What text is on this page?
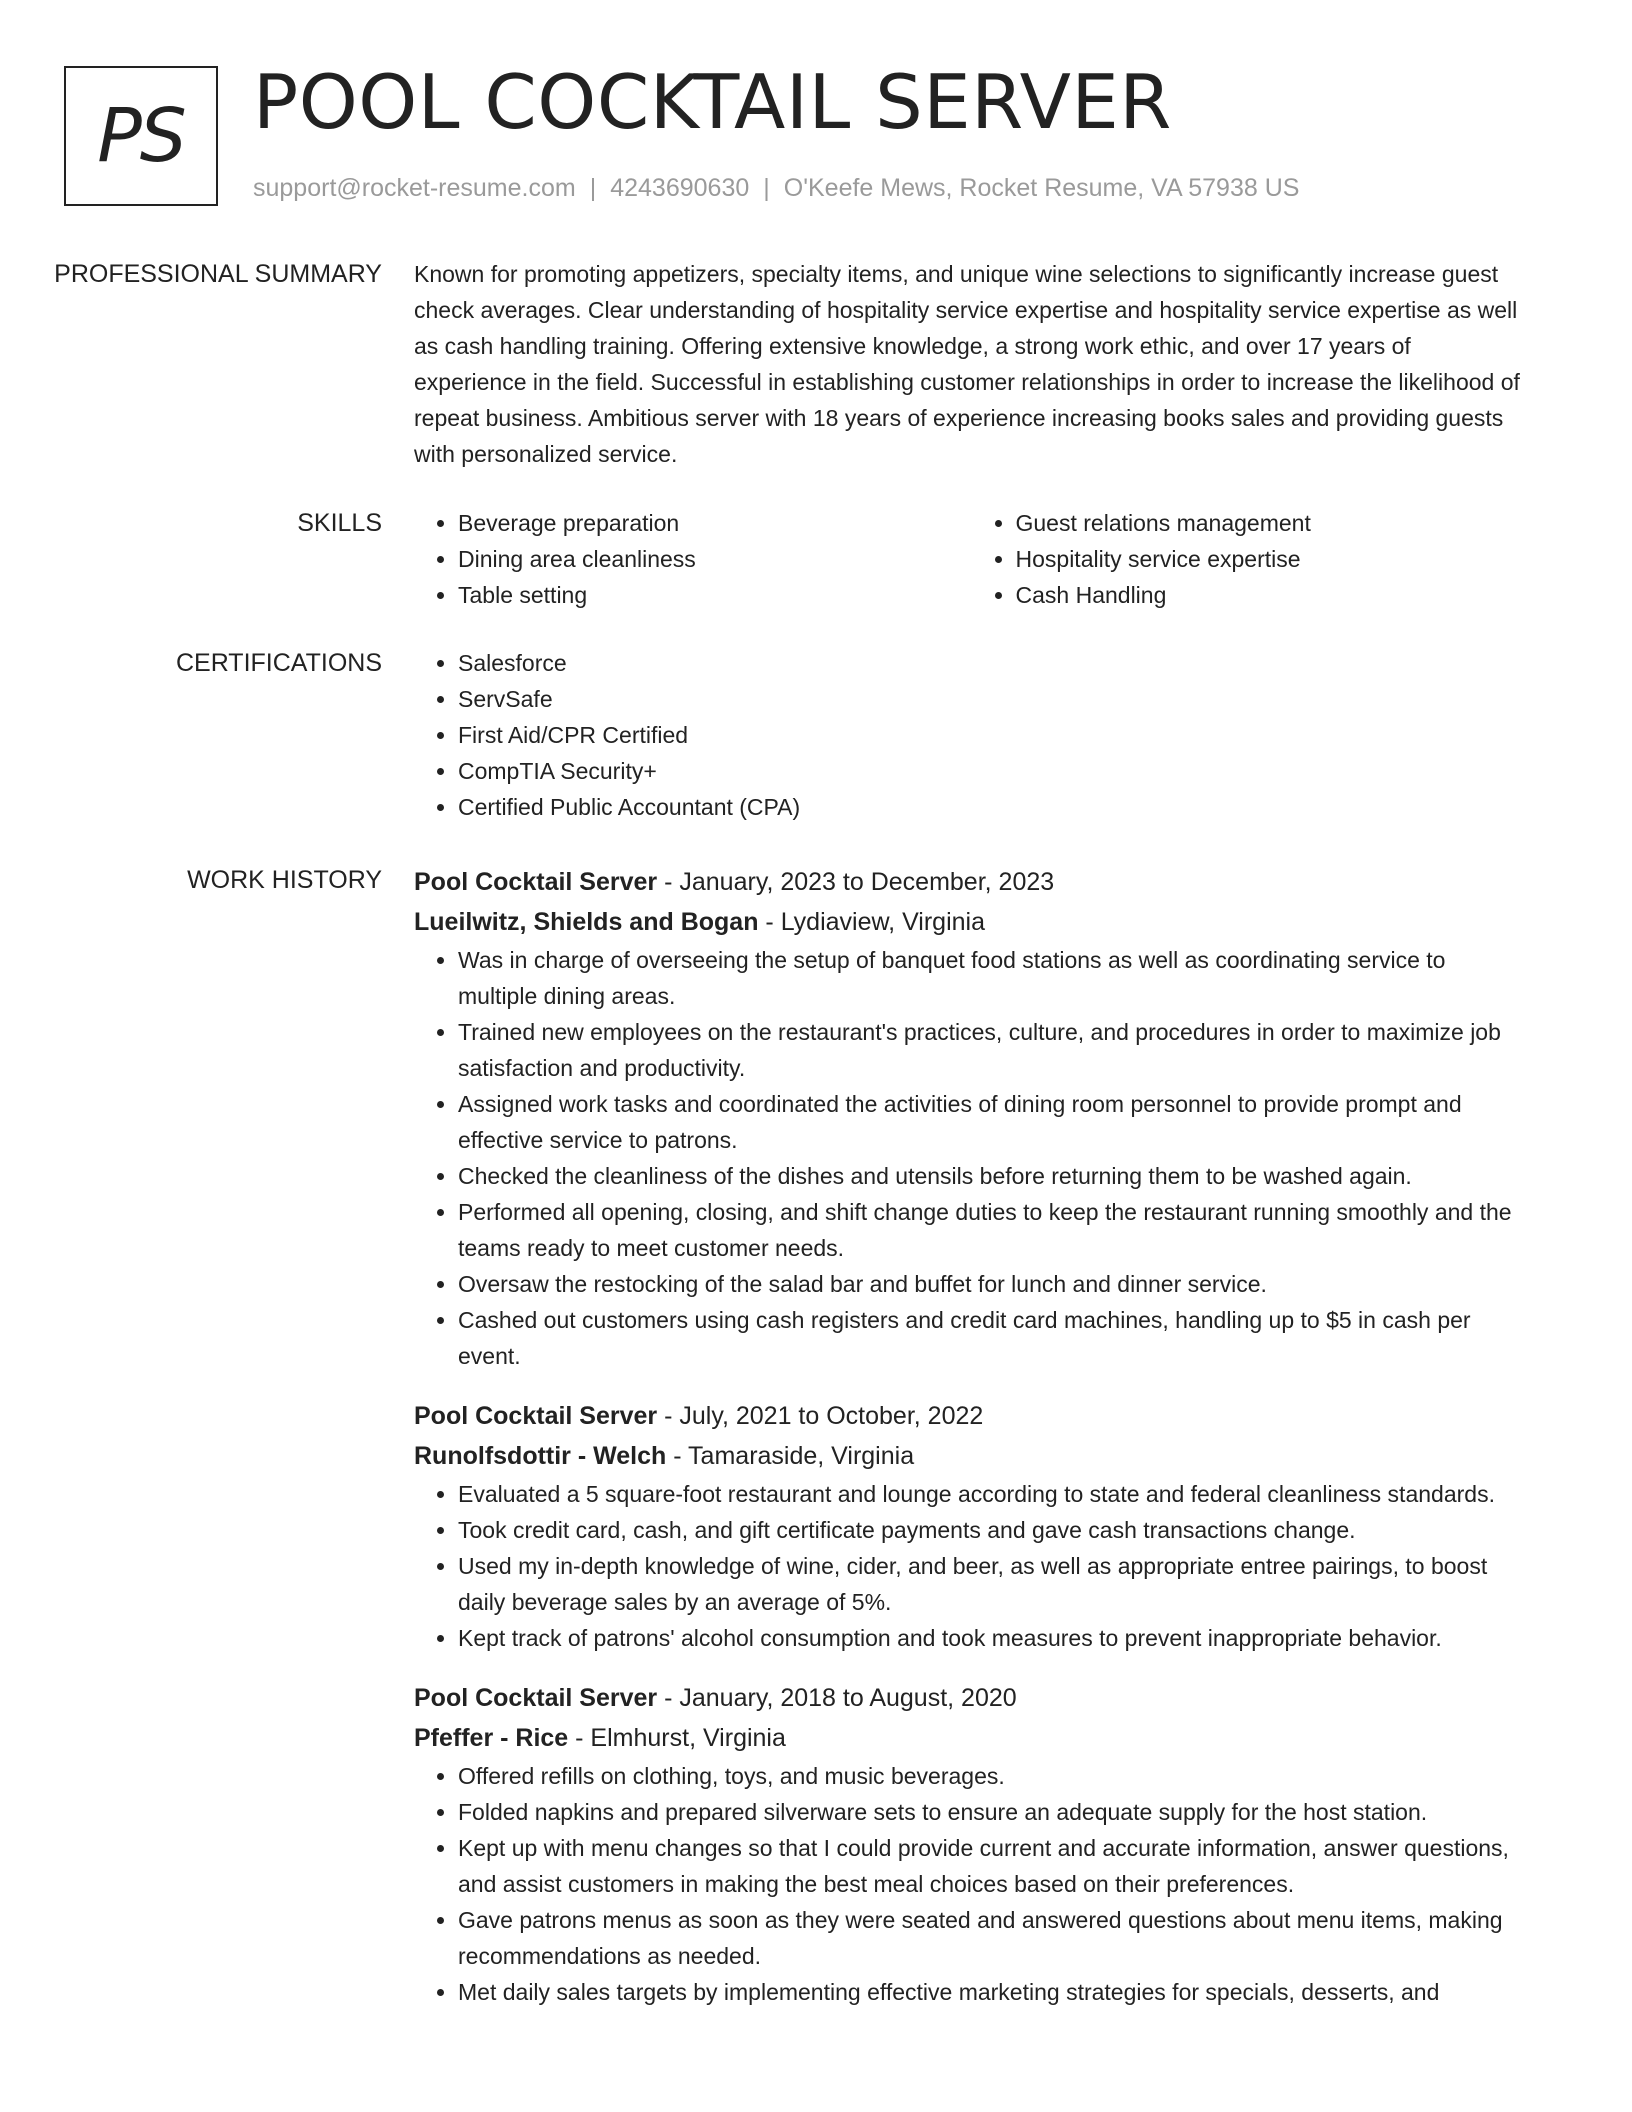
PS POOL COCKTAIL SERVER
support@rocket-resume.com | 4243690630 | O'Keefe Mews, Rocket Resume, VA 57938 US
PROFESSIONAL SUMMARY	Known for promoting appetizers, specialty items, and unique wine selections to significantly increase guest check averages. Clear understanding of hospitality service expertise and hospitality service expertise as well as cash handling training. Offering extensive knowledge, a strong work ethic, and over 17 years of experience in the field. Successful in establishing customer relationships in order to increase the likelihood of repeat business. Ambitious server with 18 years of experience increasing books sales and providing guests with personalized service.

SKILLS	• Beverage preparation
• Dining area cleanliness
• Table setting
• Guest relations management
• Hospitality service expertise
• Cash Handling
CERTIFICATIONS	• Salesforce
• ServSafe
• First Aid/CPR Certified
• CompTIA Security+
• Certified Public Accountant (CPA)
WORK HISTORY	Pool Cocktail Server - January, 2023 to December, 2023
Lueilwitz, Shields and Bogan - Lydiaview, Virginia
• Was in charge of overseeing the setup of banquet food stations as well as coordinating service to multiple dining areas.
• Trained new employees on the restaurant's practices, culture, and procedures in order to maximize job satisfaction and productivity.
• Assigned work tasks and coordinated the activities of dining room personnel to provide prompt and effective service to patrons.
• Checked the cleanliness of the dishes and utensils before returning them to be washed again.
• Performed all opening, closing, and shift change duties to keep the restaurant running smoothly and the teams ready to meet customer needs.
• Oversaw the restocking of the salad bar and buffet for lunch and dinner service.
• Cashed out customers using cash registers and credit card machines, handling up to $5 in cash per event.
Pool Cocktail Server - July, 2021 to October, 2022
Runolfsdottir - Welch - Tamaraside, Virginia
• Evaluated a 5 square-foot restaurant and lounge according to state and federal cleanliness standards.
• Took credit card, cash, and gift certificate payments and gave cash transactions change.
• Used my in-depth knowledge of wine, cider, and beer, as well as appropriate entree pairings, to boost daily beverage sales by an average of 5%.
• Kept track of patrons' alcohol consumption and took measures to prevent inappropriate behavior.
Pool Cocktail Server - January, 2018 to August, 2020
Pfeffer - Rice - Elmhurst, Virginia
• Offered refills on clothing, toys, and music beverages.
• Folded napkins and prepared silverware sets to ensure an adequate supply for the host station.
• Kept up with menu changes so that I could provide current and accurate information, answer questions, and assist customers in making the best meal choices based on their preferences.
• Gave patrons menus as soon as they were seated and answered questions about menu items, making recommendations as needed.
• Met daily sales targets by implementing effective marketing strategies for specials, desserts, and
